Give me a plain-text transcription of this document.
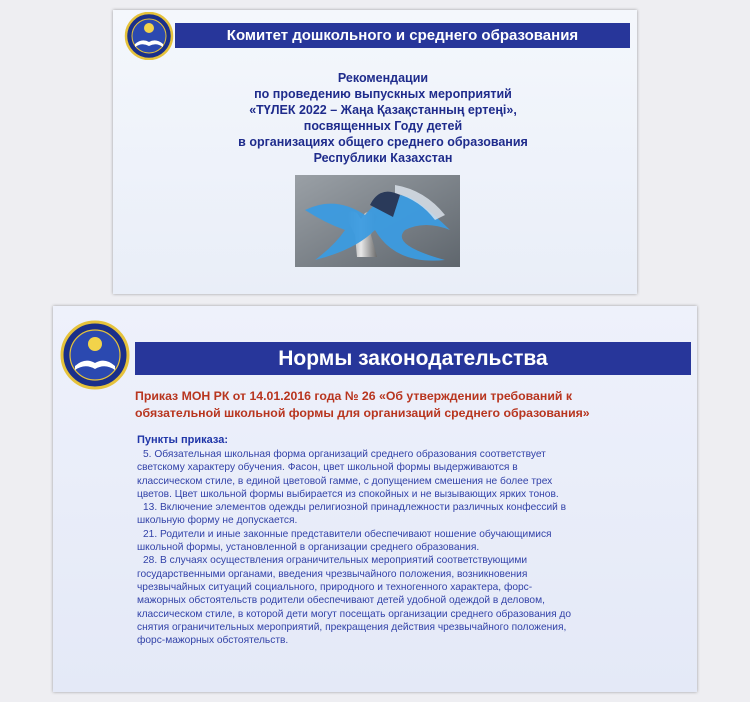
Комитет дошкольного и среднего образования
Рекомендации
по проведению выпускных мероприятий
«ТҮЛЕК 2022 – Жаңа Қазақстанның ертеңі»,
посвященных Году детей
в организациях общего среднего образования
Республики Казахстан
Нормы законодательства
Приказ МОН РК от 14.01.2016 года № 26 «Об утверждении требований к
обязательной школьной формы для организаций среднего образования»
Пункты приказа:
5. Обязательная школьная форма организаций среднего образования соответствует
светскому характеру обучения. Фасон, цвет школьной формы выдерживаются в
классическом стиле, в единой цветовой гамме, с допущением смешения не более трех
цветов. Цвет школьной формы выбирается из спокойных и не вызывающих ярких тонов.
13. Включение элементов одежды религиозной принадлежности различных конфессий в
школьную форму не допускается.
21. Родители и иные законные представители обеспечивают ношение обучающимися
школьной формы, установленной в организации среднего образования.
28. В случаях осуществления ограничительных мероприятий соответствующими
государственными органами, введения чрезвычайного положения, возникновения
чрезвычайных ситуаций социального, природного и техногенного характера, форс-
мажорных обстоятельств родители обеспечивают детей удобной одеждой в деловом,
классическом стиле, в которой дети могут посещать организации среднего образования до
снятия ограничительных мероприятий, прекращения действия чрезвычайного положения,
форс-мажорных обстоятельств.
